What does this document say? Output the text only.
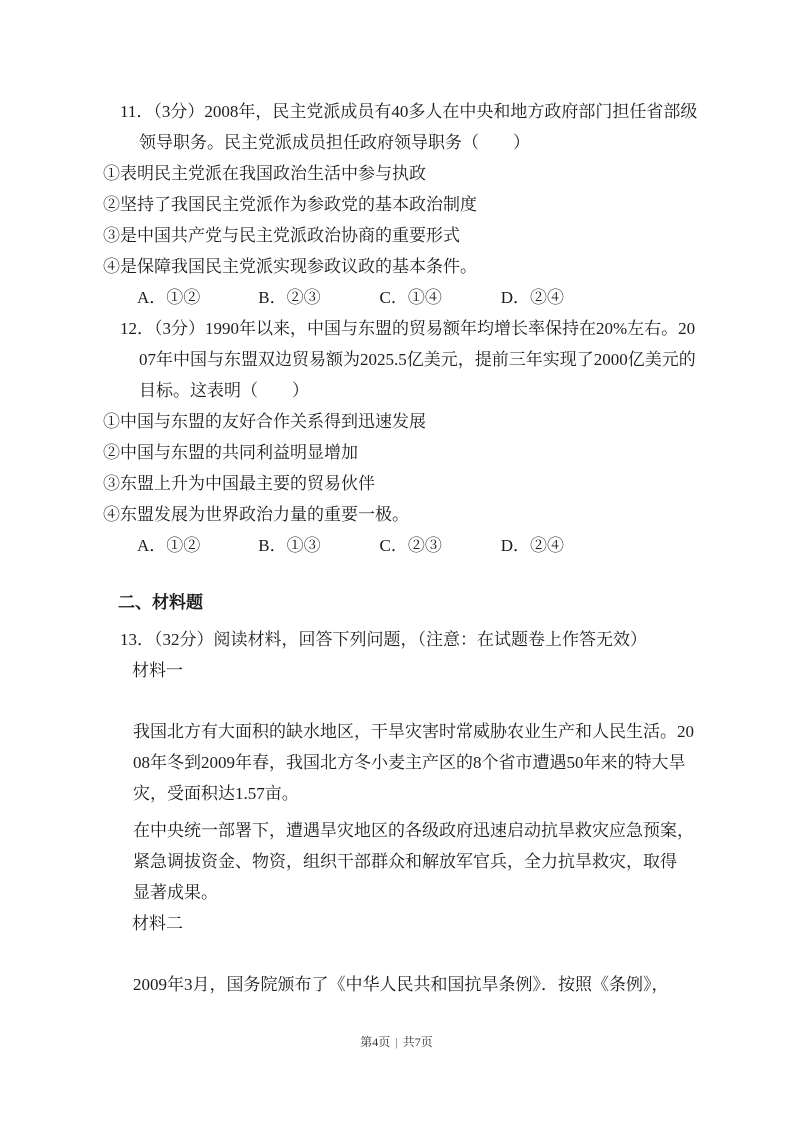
11．（3分）2008年，民主党派成员有40多人在中央和地方政府部门担任省部级
领导职务。民主党派成员担任政府领导职务（　　）
①表明民主党派在我国政治生活中参与执政
②坚持了我国民主党派作为参政党的基本政治制度
③是中国共产党与民主党派政治协商的重要形式
④是保障我国民主党派实现参政议政的基本条件。
A．①②	B．②③	C．①④	D．②④
12．（3分）1990年以来，中国与东盟的贸易额年均增长率保持在20%左右。20
07年中国与东盟双边贸易额为2025.5亿美元，提前三年实现了2000亿美元的
目标。这表明（　　）
①中国与东盟的友好合作关系得到迅速发展
②中国与东盟的共同利益明显增加
③东盟上升为中国最主要的贸易伙伴
④东盟发展为世界政治力量的重要一极。
A．①②	B．①③	C．②③	D．②④
二、材料题
13．（32分）阅读材料，回答下列问题，（注意：在试题卷上作答无效）
材料一
我国北方有大面积的缺水地区，干旱灾害时常威胁农业生产和人民生活。20
08年冬到2009年春，我国北方冬小麦主产区的8个省市遭遇50年来的特大旱
灾，受面积达1.57亩。
在中央统一部署下，遭遇旱灾地区的各级政府迅速启动抗旱救灾应急预案，
紧急调拔资金、物资，组织干部群众和解放军官兵，全力抗旱救灾，取得
显著成果。
材料二
2009年3月，国务院颁布了《中华人民共和国抗旱条例》．按照《条例》，
第4页 | 共7页
